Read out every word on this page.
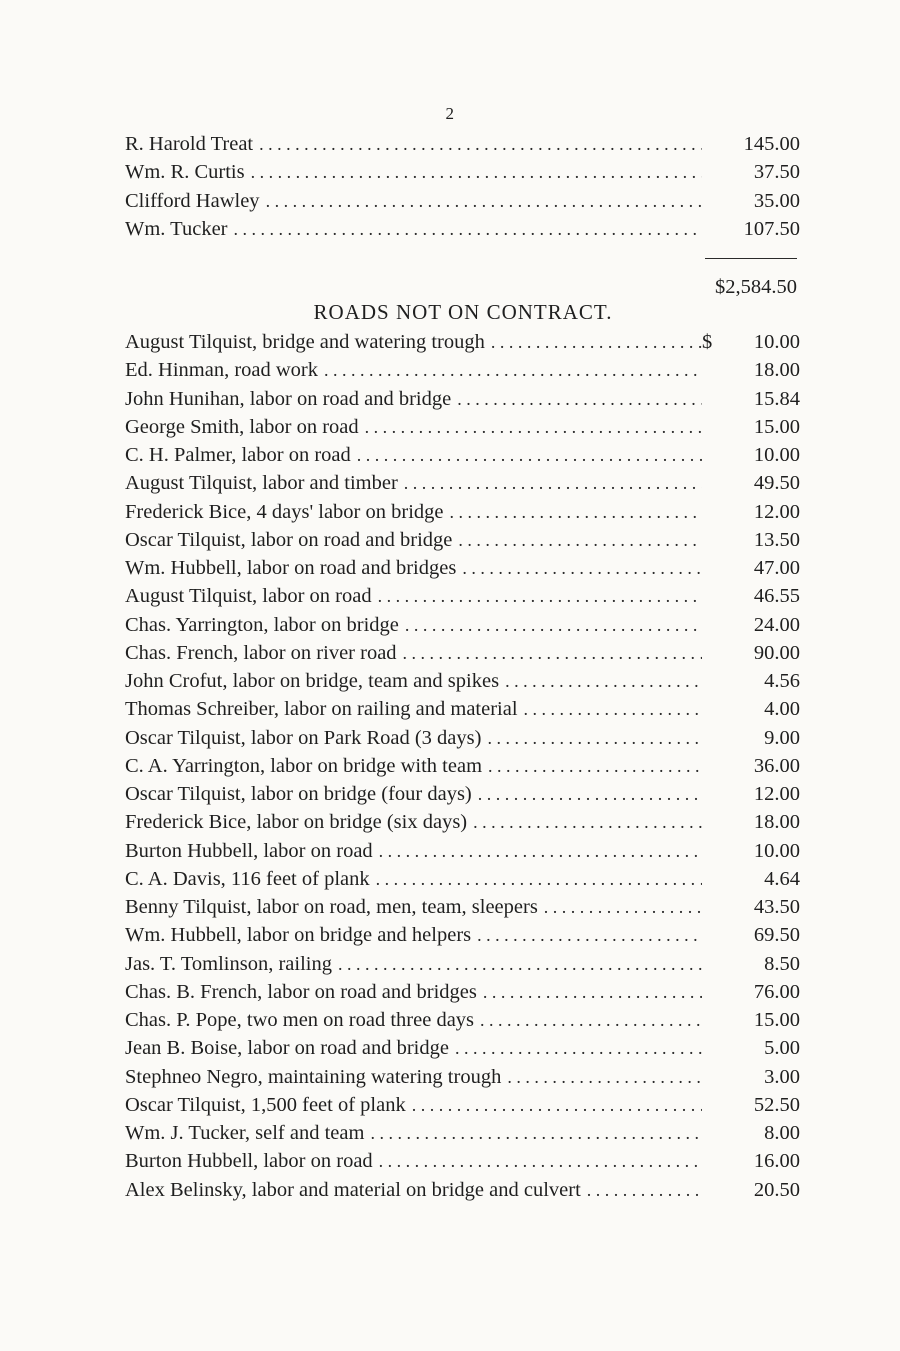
2
R. Harold Treat . . .	145.00
Wm. R. Curtis . . .	37.50
Clifford Hawley . . .	35.00
Wm. Tucker . . .	107.50
$2,584.50
ROADS NOT ON CONTRACT.
August Tilquist, bridge and watering trough . . .	$	10.00
Ed. Hinman, road work . . .	18.00
John Hunihan, labor on road and bridge . . .	15.84
George Smith, labor on road . . .	15.00
C. H. Palmer, labor on road . . .	10.00
August Tilquist, labor and timber . . .	49.50
Frederick Bice, 4 days' labor on bridge . . .	12.00
Oscar Tilquist, labor on road and bridge . . .	13.50
Wm. Hubbell, labor on road and bridges . . .	47.00
August Tilquist, labor on road . . .	46.55
Chas. Yarrington, labor on bridge . . .	24.00
Chas. French, labor on river road . . .	90.00
John Crofut, labor on bridge, team and spikes . . .	4.56
Thomas Schreiber, labor on railing and material . . .	4.00
Oscar Tilquist, labor on Park Road (3 days) . . .	9.00
C. A. Yarrington, labor on bridge with team . . .	36.00
Oscar Tilquist, labor on bridge (four days) . . .	12.00
Frederick Bice, labor on bridge (six days) . . .	18.00
Burton Hubbell, labor on road . . .	10.00
C. A. Davis, 116 feet of plank . . .	4.64
Benny Tilquist, labor on road, men, team, sleepers . . .	43.50
Wm. Hubbell, labor on bridge and helpers . . .	69.50
Jas. T. Tomlinson, railing . . .	8.50
Chas. B. French, labor on road and bridges . . .	76.00
Chas. P. Pope, two men on road three days . . .	15.00
Jean B. Boise, labor on road and bridge . . .	5.00
Stephneo Negro, maintaining watering trough . . .	3.00
Oscar Tilquist, 1,500 feet of plank . . .	52.50
Wm. J. Tucker, self and team . . .	8.00
Burton Hubbell, labor on road . . .	16.00
Alex Belinsky, labor and material on bridge and culvert . . .	20.50
